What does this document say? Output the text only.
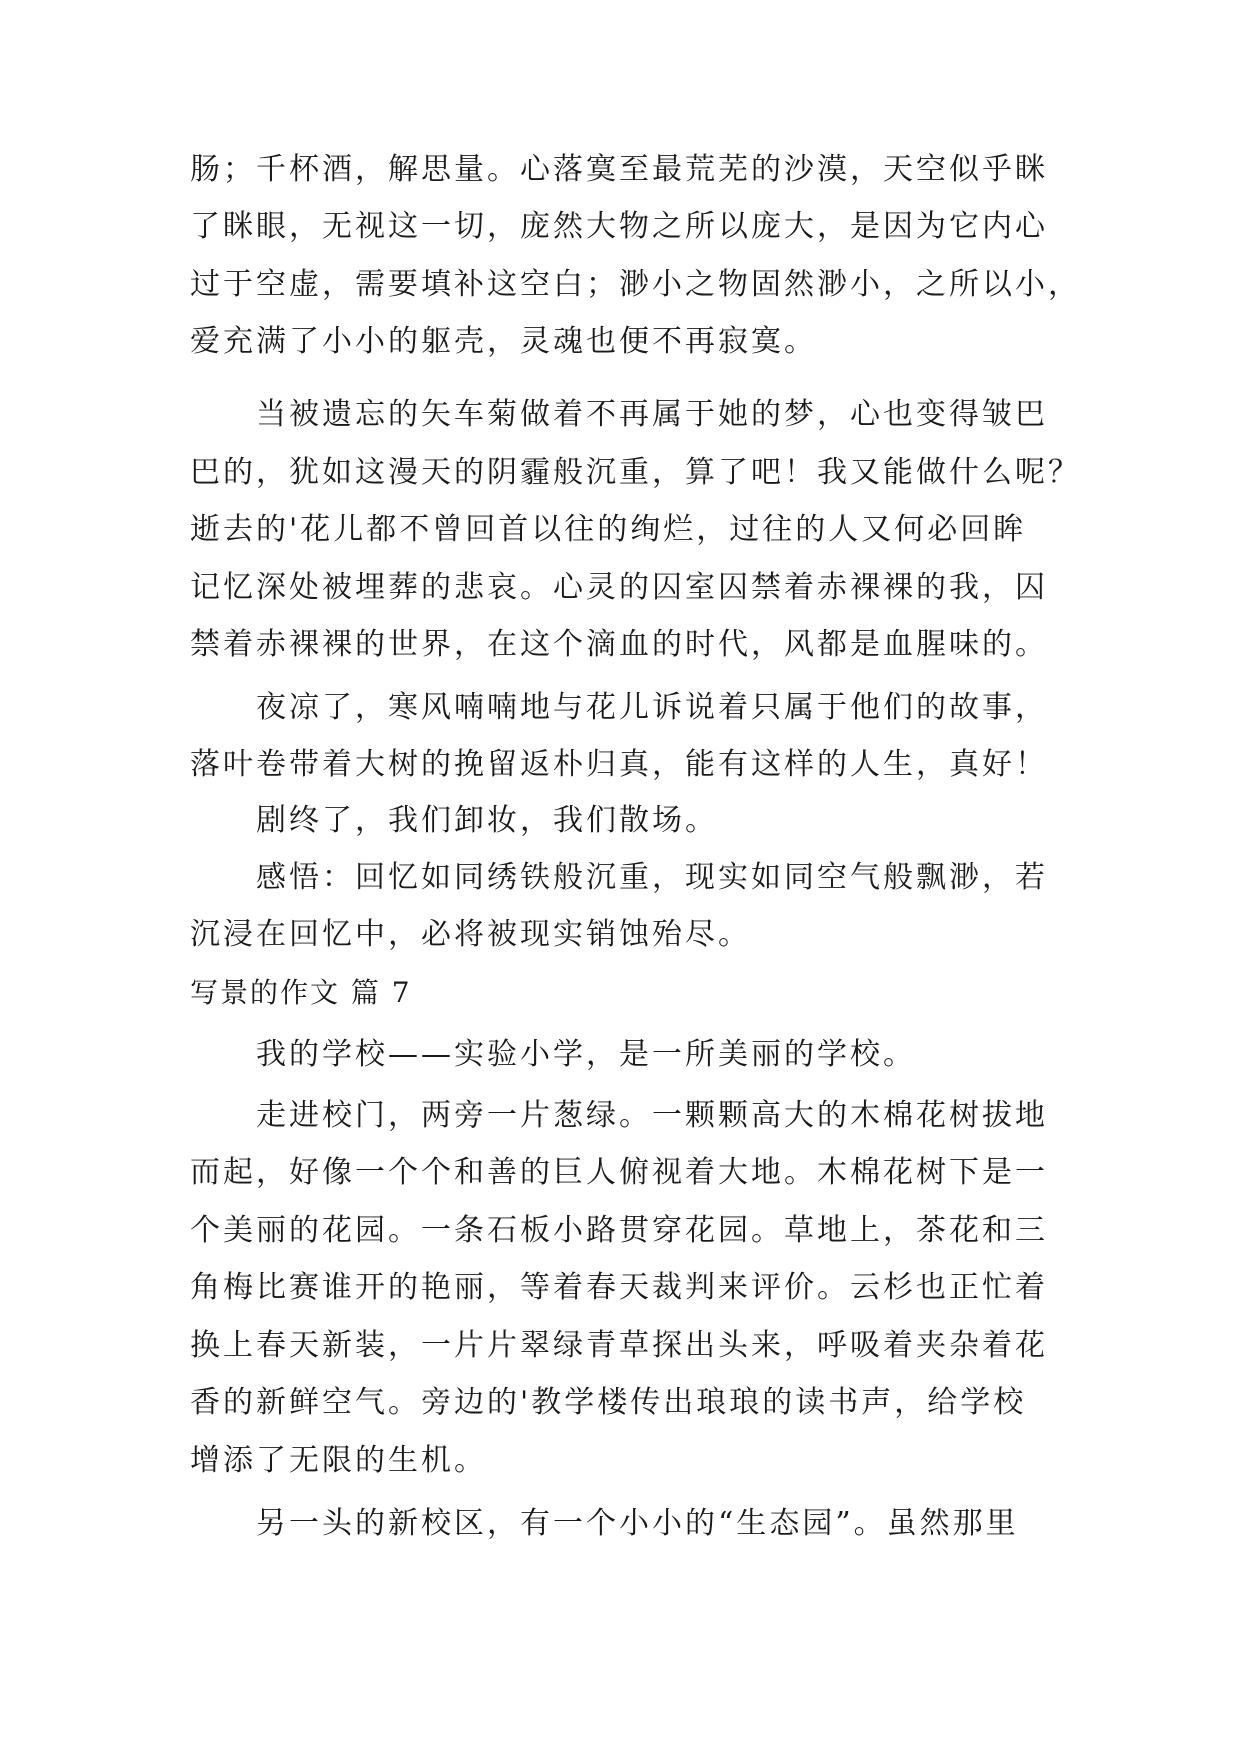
肠；千杯酒，解思量。心落寞至最荒芜的沙漠，天空似乎眯
了眯眼，无视这一切，庞然大物之所以庞大，是因为它内心
过于空虚，需要填补这空白；渺小之物固然渺小，之所以小，
爱充满了小小的躯壳，灵魂也便不再寂寞。
当被遗忘的矢车菊做着不再属于她的梦，心也变得皱巴
巴的，犹如这漫天的阴霾般沉重，算了吧！我又能做什么呢？
逝去的'花儿都不曾回首以往的绚烂，过往的人又何必回眸
记忆深处被埋葬的悲哀。心灵的囚室囚禁着赤裸裸的我，囚
禁着赤裸裸的世界，在这个滴血的时代，风都是血腥味的。
夜凉了，寒风喃喃地与花儿诉说着只属于他们的故事，
落叶卷带着大树的挽留返朴归真，能有这样的人生，真好！
剧终了，我们卸妆，我们散场。
感悟：回忆如同绣铁般沉重，现实如同空气般飘渺，若
沉浸在回忆中，必将被现实销蚀殆尽。
写景的作文 篇 7
我的学校——实验小学，是一所美丽的学校。
走进校门，两旁一片葱绿。一颗颗高大的木棉花树拔地
而起，好像一个个和善的巨人俯视着大地。木棉花树下是一
个美丽的花园。一条石板小路贯穿花园。草地上，茶花和三
角梅比赛谁开的艳丽，等着春天裁判来评价。云杉也正忙着
换上春天新装，一片片翠绿青草探出头来，呼吸着夹杂着花
香的新鲜空气。旁边的'教学楼传出琅琅的读书声，给学校
增添了无限的生机。
另一头的新校区，有一个小小的“生态园”。虽然那里
